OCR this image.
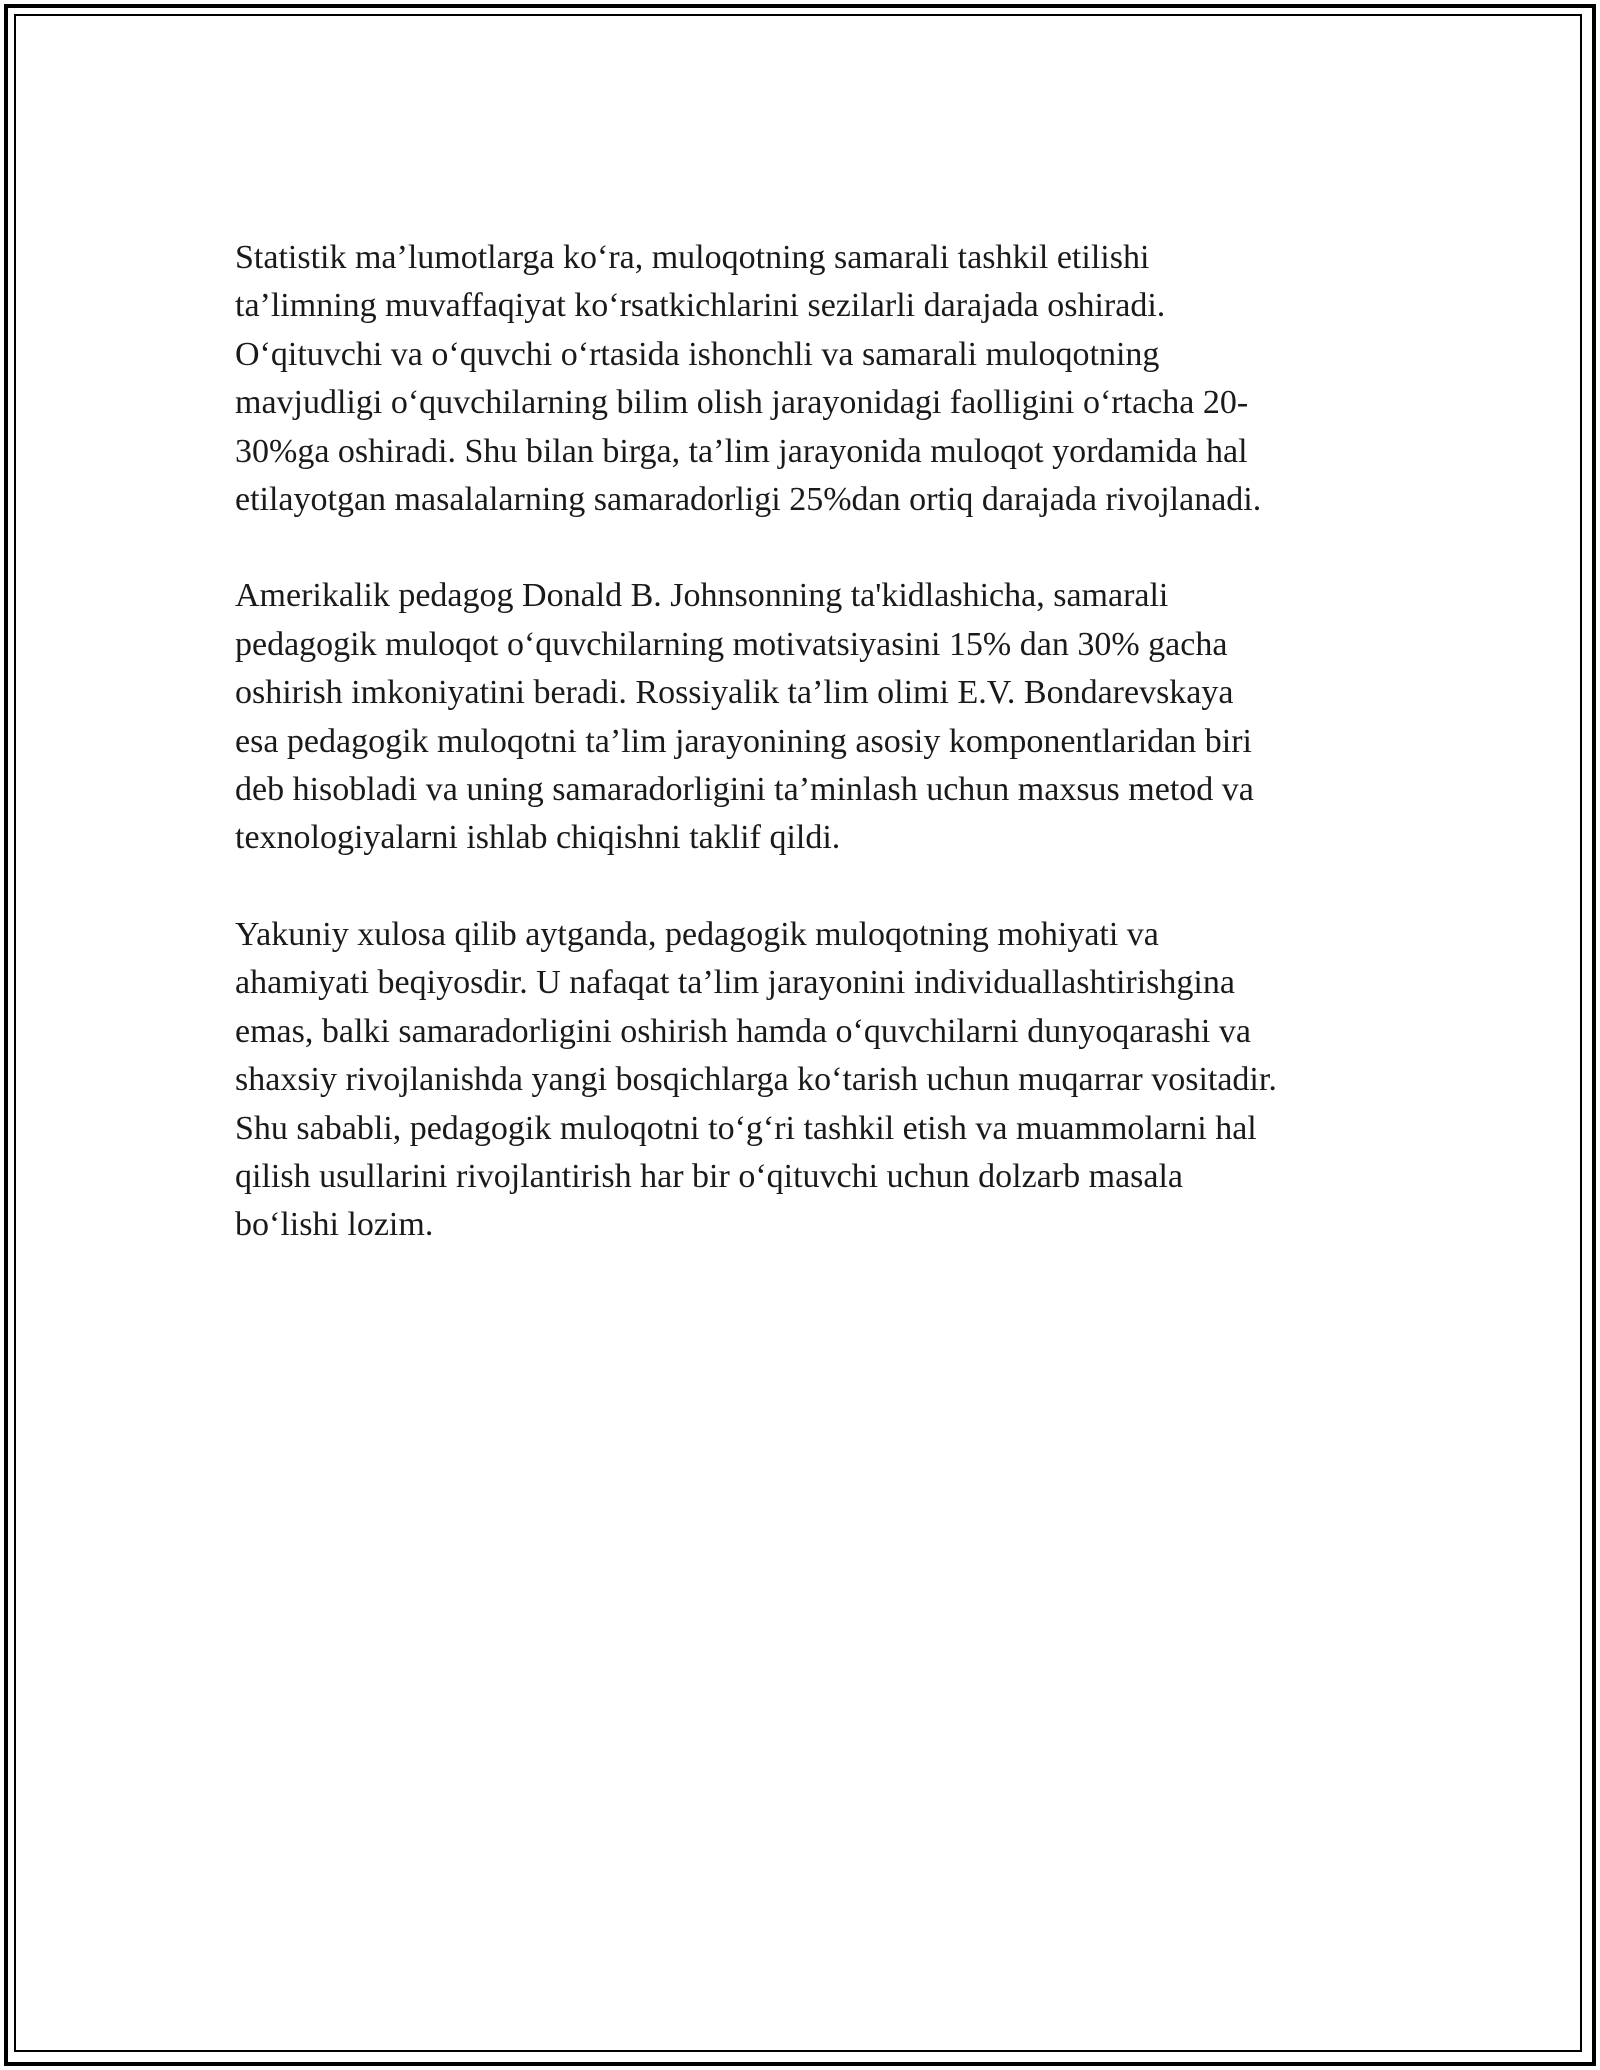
Statistik ma’lumotlarga ko‘ra, muloqotning samarali tashkil etilishi
ta’limning muvaffaqiyat ko‘rsatkichlarini sezilarli darajada oshiradi.
O‘qituvchi va o‘quvchi o‘rtasida ishonchli va samarali muloqotning
mavjudligi o‘quvchilarning bilim olish jarayonidagi faolligini o‘rtacha 20-
30%ga oshiradi. Shu bilan birga, ta’lim jarayonida muloqot yordamida hal
etilayotgan masalalarning samaradorligi 25%dan ortiq darajada rivojlanadi.

Amerikalik pedagog Donald B. Johnsonning ta'kidlashicha, samarali
pedagogik muloqot o‘quvchilarning motivatsiyasini 15% dan 30% gacha
oshirish imkoniyatini beradi. Rossiyalik ta’lim olimi E.V. Bondarevskaya
esa pedagogik muloqotni ta’lim jarayonining asosiy komponentlaridan biri
deb hisobladi va uning samaradorligini ta’minlash uchun maxsus metod va
texnologiyalarni ishlab chiqishni taklif qildi.

Yakuniy xulosa qilib aytganda, pedagogik muloqotning mohiyati va
ahamiyati beqiyosdir. U nafaqat ta’lim jarayonini individuallashtirishgina
emas, balki samaradorligini oshirish hamda o‘quvchilarni dunyoqarashi va
shaxsiy rivojlanishda yangi bosqichlarga ko‘tarish uchun muqarrar vositadir.
Shu sababli, pedagogik muloqotni to‘g‘ri tashkil etish va muammolarni hal
qilish usullarini rivojlantirish har bir o‘qituvchi uchun dolzarb masala
bo‘lishi lozim.
